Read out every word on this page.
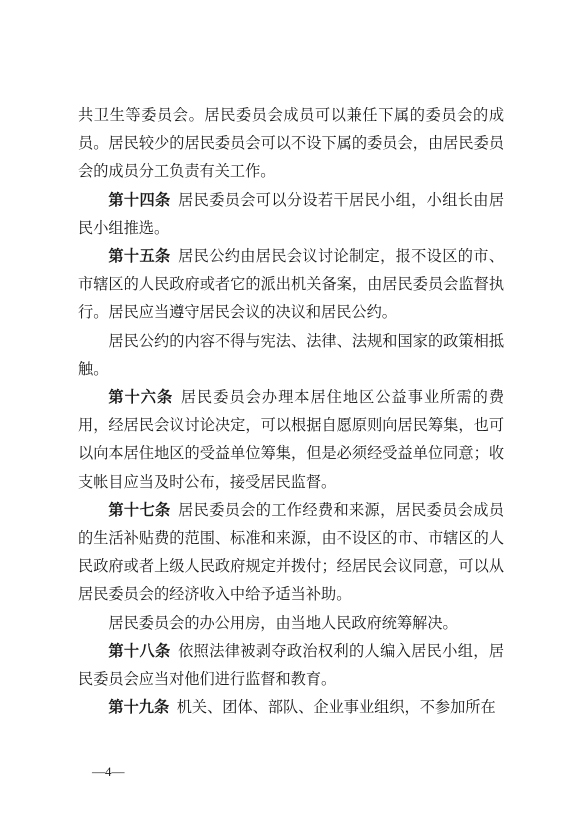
共卫生等委员会。居民委员会成员可以兼任下属的委员会的成员。居民较少的居民委员会可以不设下属的委员会，由居民委员会的成员分工负责有关工作。

第十四条 居民委员会可以分设若干居民小组，小组长由居民小组推选。

第十五条 居民公约由居民会议讨论制定，报不设区的市、市辖区的人民政府或者它的派出机关备案，由居民委员会监督执行。居民应当遵守居民会议的决议和居民公约。

居民公约的内容不得与宪法、法律、法规和国家的政策相抵触。

第十六条 居民委员会办理本居住地区公益事业所需的费用，经居民会议讨论决定，可以根据自愿原则向居民筹集，也可以向本居住地区的受益单位筹集，但是必须经受益单位同意；收支帐目应当及时公布，接受居民监督。

第十七条 居民委员会的工作经费和来源，居民委员会成员的生活补贴费的范围、标准和来源，由不设区的市、市辖区的人民政府或者上级人民政府规定并拨付；经居民会议同意，可以从居民委员会的经济收入中给予适当补助。

居民委员会的办公用房，由当地人民政府统筹解决。

第十八条 依照法律被剥夺政治权利的人编入居民小组，居民委员会应当对他们进行监督和教育。

第十九条 机关、团体、部队、企业事业组织，不参加所在

—4—
